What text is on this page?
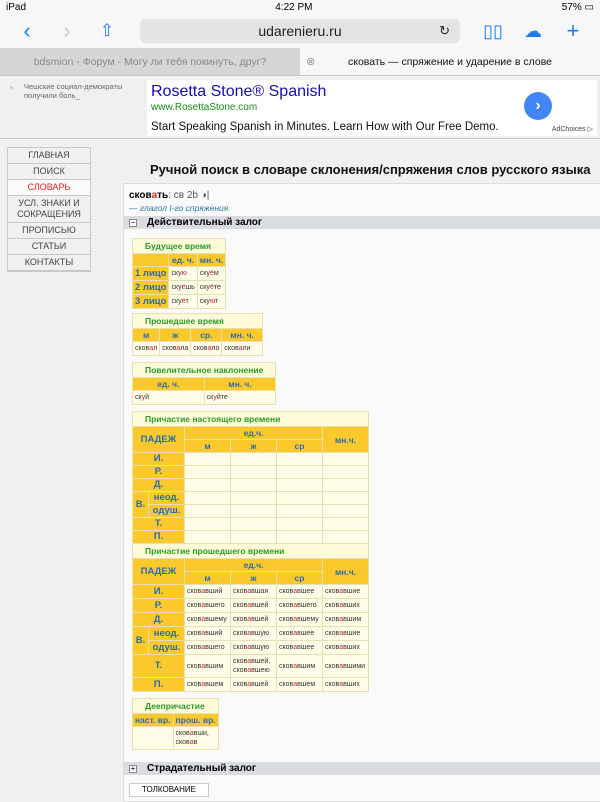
iPad	4:22 PM	57% ▭
‹	›	⇧	udarenieru.ru	↻	▯▯	☁	+
bdsmion - Форум - Могу ли тебя покинуть, друг?	⊗	сковать — спряжение и ударение в слове
◔ Чешские социал-демократы получили боль_	Rosetta Stone® Spanish
www.RosettaStone.com
Start Speaking Spanish in Minutes. Learn How with Our Free Demo.
›
AdChoices ▷
ГЛАВНАЯ
ПОИСК
СЛОВАРЬ
УСЛ. ЗНАКИ И
СОКРАЩЕНИЯ
ПРОПИСЬЮ
СТАТЬИ
КОНТАКТЫ
Ручной поиск в словаре склонения/спряжения слов русского языка
сковать: св 2b ◑|
— глагол I-го спряжения
− Действительный залог
Будущее время		
	ед. ч.	мн. ч.
1 лицо	скую	скуём
2 лицо	скуёшь	скуёте
3 лицо	скуёт	скуют
Прошедшее время			
м	ж	ср.	мн. ч.
сковал	сковала	сковало	сковали
Повелительное наклонение	
ед. ч.	мн. ч.
скуй	скуйте
Причастие настоящего времени					
ПАДЕЖ		ед.ч.			мн.ч.
		м	ж	ср	
И.					
Р.					
Д.					
В.	неод.				
	одуш.				
Т.					
П.					
Причастие прошедшего времени					
ПАДЕЖ		ед.ч.			мн.ч.
		м	ж	ср	
И.		сковавший	сковавшая	сковавшее	сковавшие
Р.		сковавшего	сковавшей	сковавшего	сковавших
Д.		сковавшему	сковавшей	сковавшему	сковавшим
В.	неод.	сковавший	сковавшую	сковавшее	сковавшие
	одуш.	сковавшего	сковавшую	сковавшее	сковавших
Т.		сковавшим	сковавшей,
сковавшею	сковавшим	сковавшими
П.		сковавшем	сковавшей	сковавшем	сковавших
Деепричастие	
наст. вр.	прош. вр.
	сковавши,
сковав
+ Страдательный залог
ТОЛКОВАНИЕ
